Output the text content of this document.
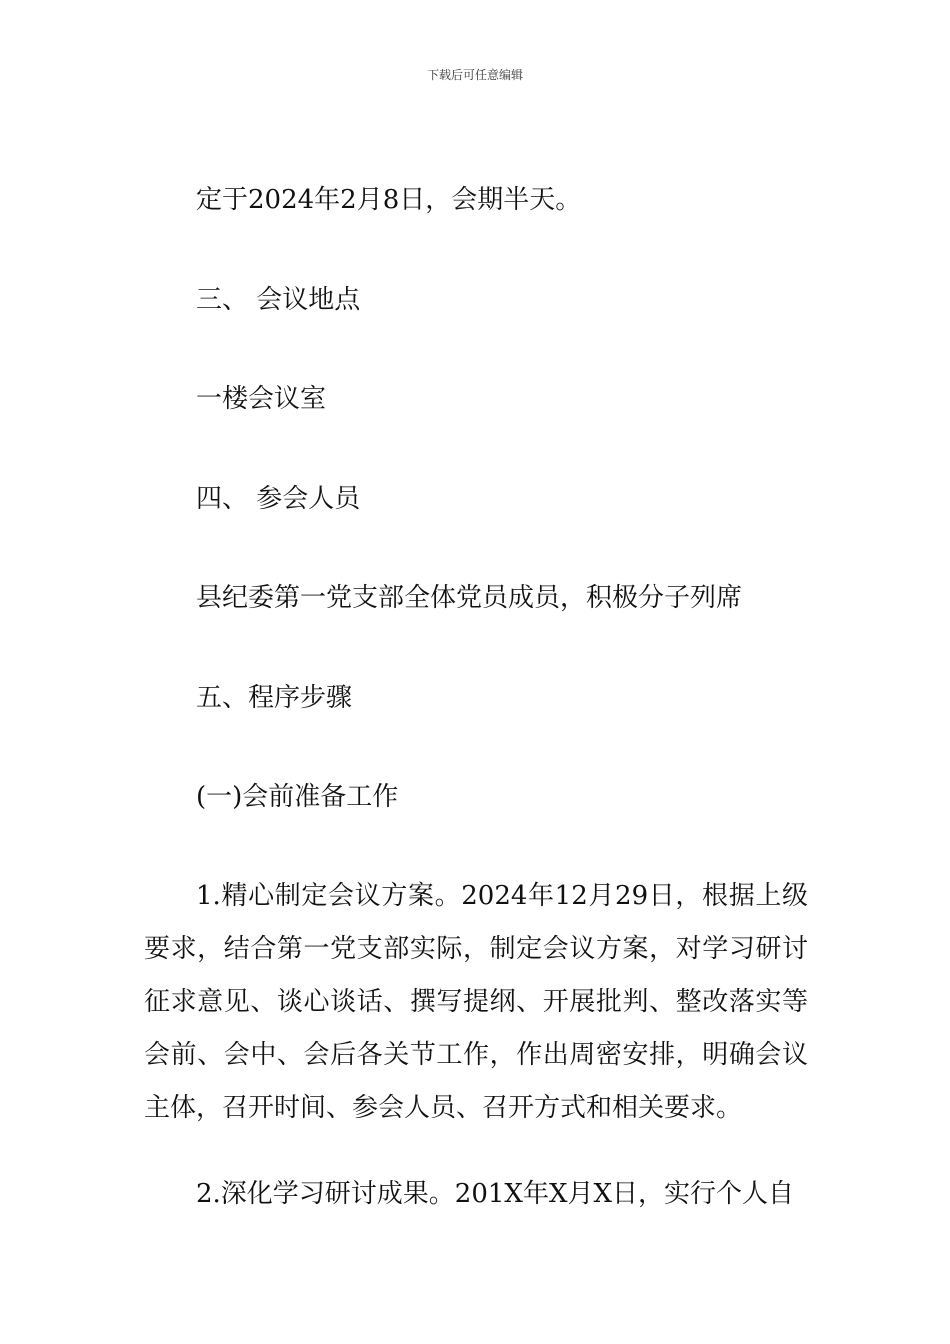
下载后可任意编辑
定于2024年2月8日，会期半天。
三、 会议地点
一楼会议室
四、 参会人员
县纪委第一党支部全体党员成员，积极分子列席
五、程序步骤
(一)会前准备工作
1.精心制定会议方案。2024年12月29日，根据上级要求，结合第一党支部实际，制定会议方案，对学习研讨征求意见、谈心谈话、撰写提纲、开展批判、整改落实等会前、会中、会后各关节工作，作出周密安排，明确会议主体，召开时间、参会人员、召开方式和相关要求。
2.深化学习研讨成果。201X年X月X日，实行个人自
